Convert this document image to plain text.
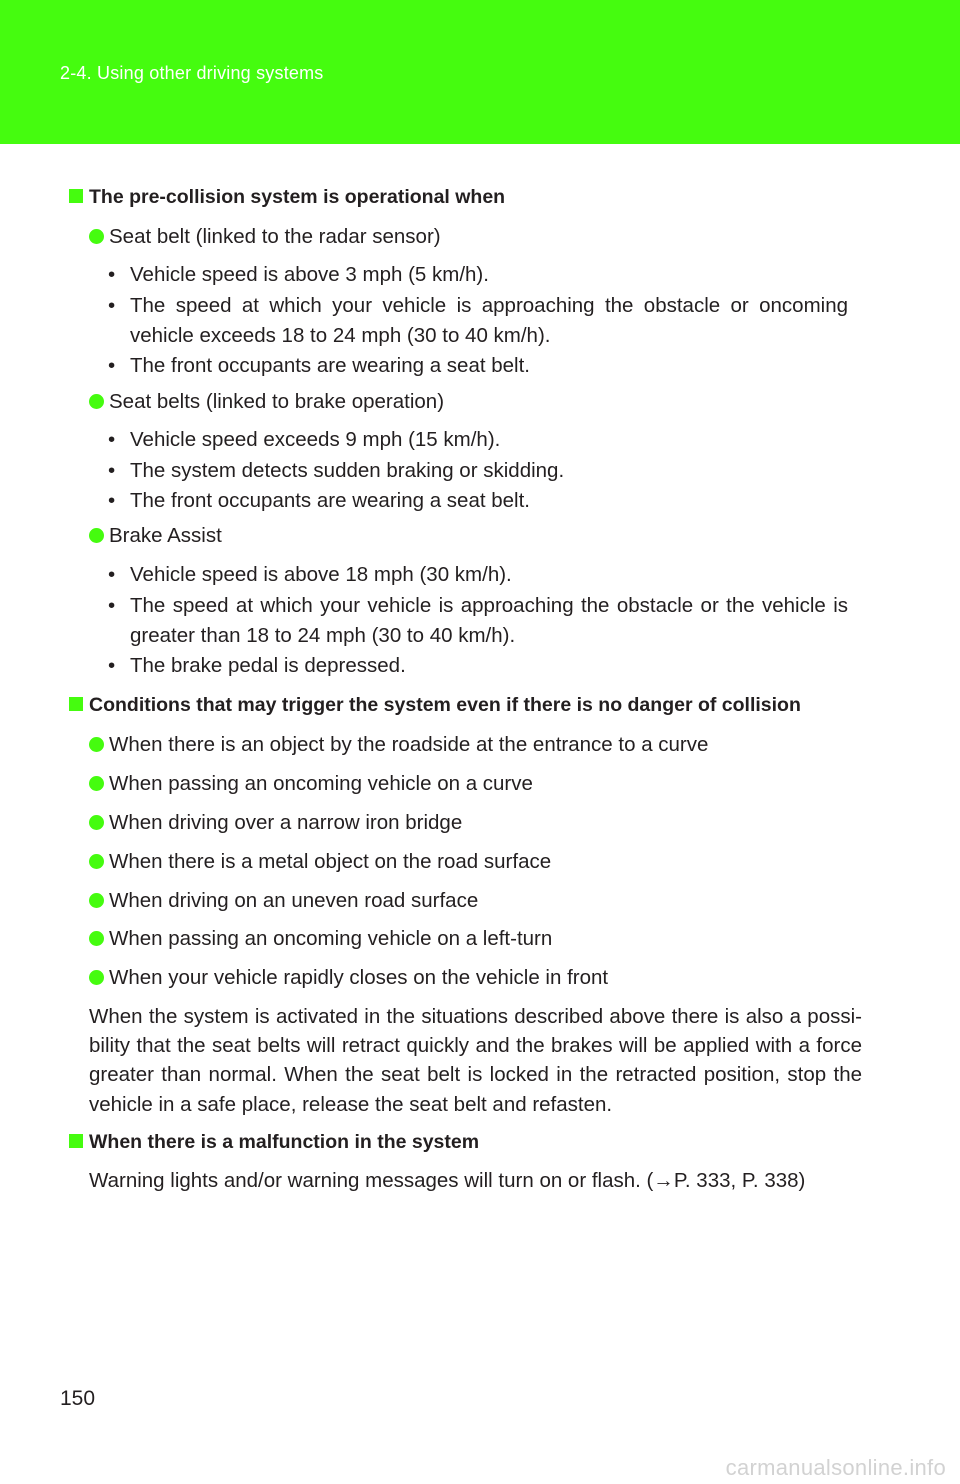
2-4. Using other driving systems
The pre-collision system is operational when
Seat belt (linked to the radar sensor)
• Vehicle speed is above 3 mph (5 km/h).
• The speed at which your vehicle is approaching the obstacle or oncoming
vehicle exceeds 18 to 24 mph (30 to 40 km/h).
• The front occupants are wearing a seat belt.
Seat belts (linked to brake operation)
• Vehicle speed exceeds 9 mph (15 km/h).
• The system detects sudden braking or skidding.
• The front occupants are wearing a seat belt.
Brake Assist
• Vehicle speed is above 18 mph (30 km/h).
• The speed at which your vehicle is approaching the obstacle or the vehicle is
greater than 18 to 24 mph (30 to 40 km/h).
• The brake pedal is depressed.
Conditions that may trigger the system even if there is no danger of collision
When there is an object by the roadside at the entrance to a curve
When passing an oncoming vehicle on a curve
When driving over a narrow iron bridge
When there is a metal object on the road surface
When driving on an uneven road surface
When passing an oncoming vehicle on a left-turn
When your vehicle rapidly closes on the vehicle in front
When the system is activated in the situations described above there is also a possi-
bility that the seat belts will retract quickly and the brakes will be applied with a force
greater than normal. When the seat belt is locked in the retracted position, stop the
vehicle in a safe place, release the seat belt and refasten.
When there is a malfunction in the system
Warning lights and/or warning messages will turn on or flash. (→P. 333, P. 338)
150
carmanualsonline.info
